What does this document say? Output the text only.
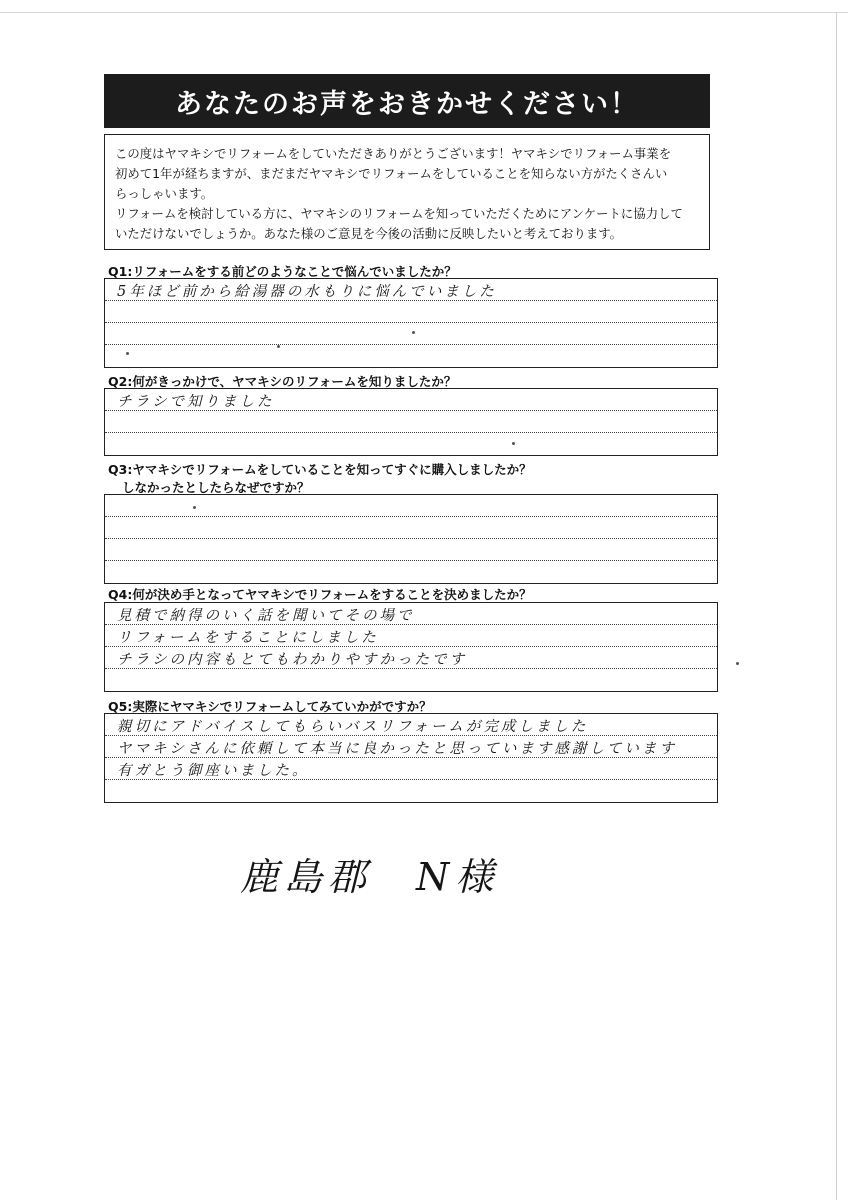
あなたのお声をおきかせください！

この度はヤマキシでリフォームをしていただきありがとうございます！ヤマキシでリフォーム事業を

初めて1年が経ちますが、まだまだヤマキシでリフォームをしていることを知らない方がたくさんい

らっしゃいます。

リフォームを検討している方に、ヤマキシのリフォームを知っていただくためにアンケートに協力して

いただけないでしょうか。あなた様のご意見を今後の活動に反映したいと考えております。

Q1:リフォームをする前どのようなことで悩んでいましたか？
5年ほど前から給湯器の水もりに悩んでいました
Q2:何がきっかけで、ヤマキシのリフォームを知りましたか？
チラシで知りました
Q3:ヤマキシでリフォームをしていることを知ってすぐに購入しましたか？
しなかったとしたらなぜですか？
Q4:何が決め手となってヤマキシでリフォームをすることを決めましたか？
見積で納得のいく話を聞いてその場で
リフォームをすることにしました
チラシの内容もとてもわかりやすかったです
Q5:実際にヤマキシでリフォームしてみていかがですか？
親切にアドバイスしてもらいバスリフォームが完成しました
ヤマキシさんに依頼して本当に良かったと思っています感謝しています
有ガとう御座いました。
鹿島郡　N様
